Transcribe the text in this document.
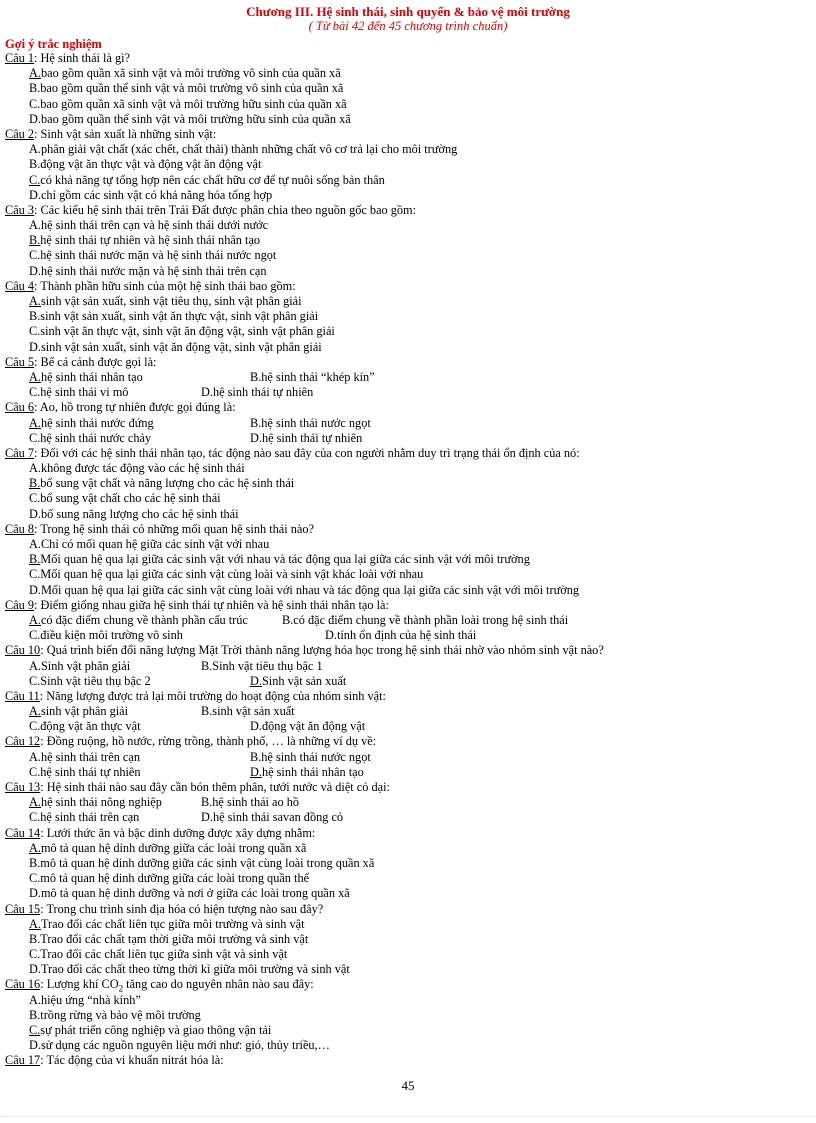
Chương III. Hệ sinh thái, sinh quyển & bảo vệ môi trường
( Từ bài 42 đến 45 chương trình chuẩn)
Gợi ý trắc nghiệm
Câu 1: Hệ sinh thái là gì?
A.bao gồm quần xã sinh vật và môi trường vô sinh của quần xã
B.bao gồm quần thể sinh vật và môi trường vô sinh của quần xã
C.bao gồm quần xã sinh vật và môi trường hữu sinh của quần xã
D.bao gồm quần thể sinh vật và môi trường hữu sinh của quần xã
Câu 2: Sinh vật sản xuất là những sinh vật:
A.phân giải vật chất (xác chết, chất thải) thành những chất vô cơ trả lại cho môi trường
B.động vật ăn thực vật và động vật ăn động vật
C.có khả năng tự tổng hợp nên các chất hữu cơ để tự nuôi sống bản thân
D.chỉ gồm các sinh vật có khả năng hóa tổng hợp
Câu 3: Các kiểu hệ sinh thái trên Trái Đất được phân chia theo nguồn gốc bao gồm:
A.hệ sinh thái trên cạn và hệ sinh thái dưới nước
B.hệ sinh thái tự nhiên và hệ sinh thái nhân tạo
C.hệ sinh thái nước mặn và hệ sinh thái nước ngọt
D.hệ sinh thái nước mặn và hệ sinh thái trên cạn
Câu 4: Thành phần hữu sinh của một hệ sinh thái bao gồm:
A.sinh vật sản xuất, sinh vật tiêu thụ, sinh vật phân giải
B.sinh vật sản xuất, sinh vật ăn thực vật, sinh vật phân giải
C.sinh vật ăn thực vật, sinh vật ăn động vật, sinh vật phân giải
D.sinh vật sản xuất, sinh vật ăn động vật, sinh vật phân giải
Câu 5: Bể cá cảnh được gọi là:
A.hệ sinh thái nhân tạo	B.hệ sinh thái “khép kín”
C.hệ sinh thái vi mô	D.hệ sinh thái tự nhiên
Câu 6: Ao, hồ trong tự nhiên được gọi đúng là:
A.hệ sinh thái nước đứng	B.hệ sinh thái nước ngọt
C.hệ sinh thái nước chảy	D.hệ sinh thái tự nhiên
Câu 7: Đối với các hệ sinh thái nhân tạo, tác động nào sau đây của con người nhằm duy trì trạng thái ổn định của nó:
A.không được tác động vào các hệ sinh thái
B.bổ sung vật chất và năng lượng cho các hệ sinh thái
C.bổ sung vật chất cho các hệ sinh thái
D.bổ sung năng lượng cho các hệ sinh thái
Câu 8: Trong hệ sinh thái có những mối quan hệ sinh thái nào?
A.Chỉ có mối quan hệ giữa các sinh vật với nhau
B.Mối quan hệ qua lại giữa các sinh vật với nhau và tác động qua lại giữa các sinh vật với môi trường
C.Mối quan hệ qua lại giữa các sinh vật cùng loài và sinh vật khác loài với nhau
D.Mối quan hệ qua lại giữa các sinh vật cùng loài với nhau và tác động qua lại giữa các sinh vật với môi trường
Câu 9: Điểm giống nhau giữa hệ sinh thái tự nhiên và hệ sinh thái nhân tạo là:
A.có đặc điểm chung về thành phần cấu trúc	B.có đặc điểm chung về thành phần loài trong hệ sinh thái
C.điều kiện môi trường vô sinh	D.tính ổn định của hệ sinh thái
Câu 10: Quá trình biến đổi năng lượng Mặt Trời thành năng lượng hóa học trong hệ sinh thái nhờ vào nhóm sinh vật nào?
A.Sinh vật phân giải	B.Sinh vật tiêu thụ bậc 1
C.Sinh vật tiêu thụ bậc 2	D.Sinh vật sản xuất
Câu 11: Năng lượng được trả lại môi trường do hoạt động của nhóm sinh vật:
A.sinh vật phân giải	B.sinh vật sản xuất
C.động vật ăn thực vật	D.động vật ăn động vật
Câu 12: Đồng ruộng, hồ nước, rừng trồng, thành phố, … là những ví dụ về:
A.hệ sinh thái trên cạn	B.hệ sinh thái nước ngọt
C.hệ sinh thái tự nhiên	D.hệ sinh thái nhân tạo
Câu 13: Hệ sinh thái nào sau đây cần bón thêm phân, tưới nước và diệt cỏ dại:
A.hệ sinh thái nông nghiệp	B.hệ sinh thái ao hồ
C.hệ sinh thái trên cạn	D.hệ sinh thái savan đồng cỏ
Câu 14: Lưới thức ăn và bậc dinh dưỡng được xây dựng nhằm:
A.mô tả quan hệ dinh dưỡng giữa các loài trong quần xã
B.mô tả quan hệ dinh dưỡng giữa các sinh vật cùng loài trong quần xã
C.mô tả quan hệ dinh dưỡng giữa các loài trong quần thể
D.mô tả quan hệ dinh dưỡng và nơi ở giữa các loài trong quần xã
Câu 15: Trong chu trình sinh địa hóa có hiện tượng nào sau đây?
A.Trao đổi các chất liên tục giữa môi trường và sinh vật
B.Trao đổi các chất tạm thời giữa môi trường và sinh vật
C.Trao đổi các chất liên tục giữa sinh vật và sinh vật
D.Trao đổi các chất theo từng thời kì giữa môi trường và sinh vật
Câu 16: Lượng khí $CO_2$ tăng cao do nguyên nhân nào sau đây:
A.hiệu ứng “nhà kính”
B.trồng rừng và bảo vệ môi trường
C.sự phát triển công nghiệp và giao thông vận tải
D.sử dụng các nguồn nguyên liệu mới như: gió, thủy triều,…
Câu 17: Tác động của vi khuẩn nitrát hóa là:
45
